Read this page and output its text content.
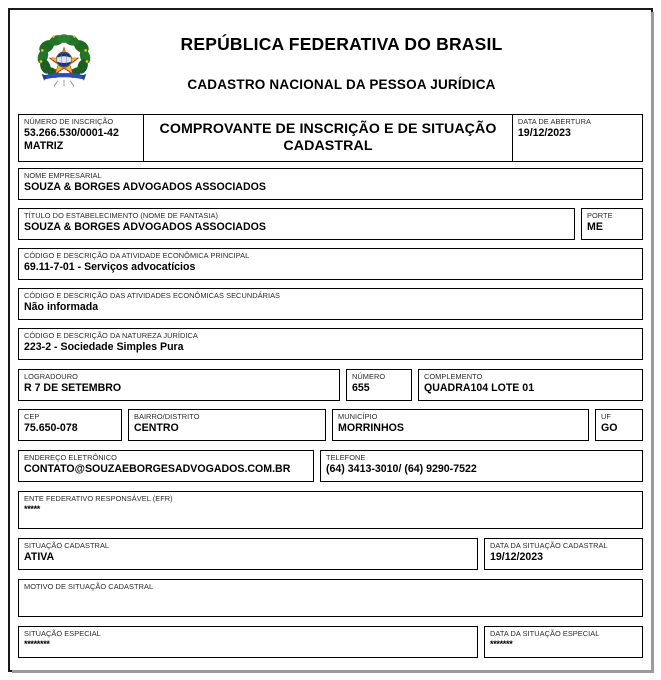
REPÚBLICA FEDERATIVA DO BRASIL
CADASTRO NACIONAL DA PESSOA JURÍDICA
NÚMERO DE INSCRIÇÃO
53.266.530/0001-42
MATRIZ
COMPROVANTE DE INSCRIÇÃO E DE SITUAÇÃO CADASTRAL
DATA DE ABERTURA
19/12/2023
NOME EMPRESARIAL
SOUZA & BORGES ADVOGADOS ASSOCIADOS
TÍTULO DO ESTABELECIMENTO (NOME DE FANTASIA)
SOUZA & BORGES ADVOGADOS ASSOCIADOS
PORTE
ME
CÓDIGO E DESCRIÇÃO DA ATIVIDADE ECONÔMICA PRINCIPAL
69.11-7-01 - Serviços advocatícios
CÓDIGO E DESCRIÇÃO DAS ATIVIDADES ECONÔMICAS SECUNDÁRIAS
Não informada
CÓDIGO E DESCRIÇÃO DA NATUREZA JURÍDICA
223-2 - Sociedade Simples Pura
LOGRADOURO
R 7 DE SETEMBRO
NÚMERO
655
COMPLEMENTO
QUADRA104 LOTE 01
CEP
75.650-078
BAIRRO/DISTRITO
CENTRO
MUNICÍPIO
MORRINHOS
UF
GO
ENDEREÇO ELETRÔNICO
CONTATO@SOUZAEBORGESADVOGADOS.COM.BR
TELEFONE
(64) 3413-3010/ (64) 9290-7522
ENTE FEDERATIVO RESPONSÁVEL (EFR)
*****
SITUAÇÃO CADASTRAL
ATIVA
DATA DA SITUAÇÃO CADASTRAL
19/12/2023
MOTIVO DE SITUAÇÃO CADASTRAL
SITUAÇÃO ESPECIAL
********
DATA DA SITUAÇÃO ESPECIAL
*******
